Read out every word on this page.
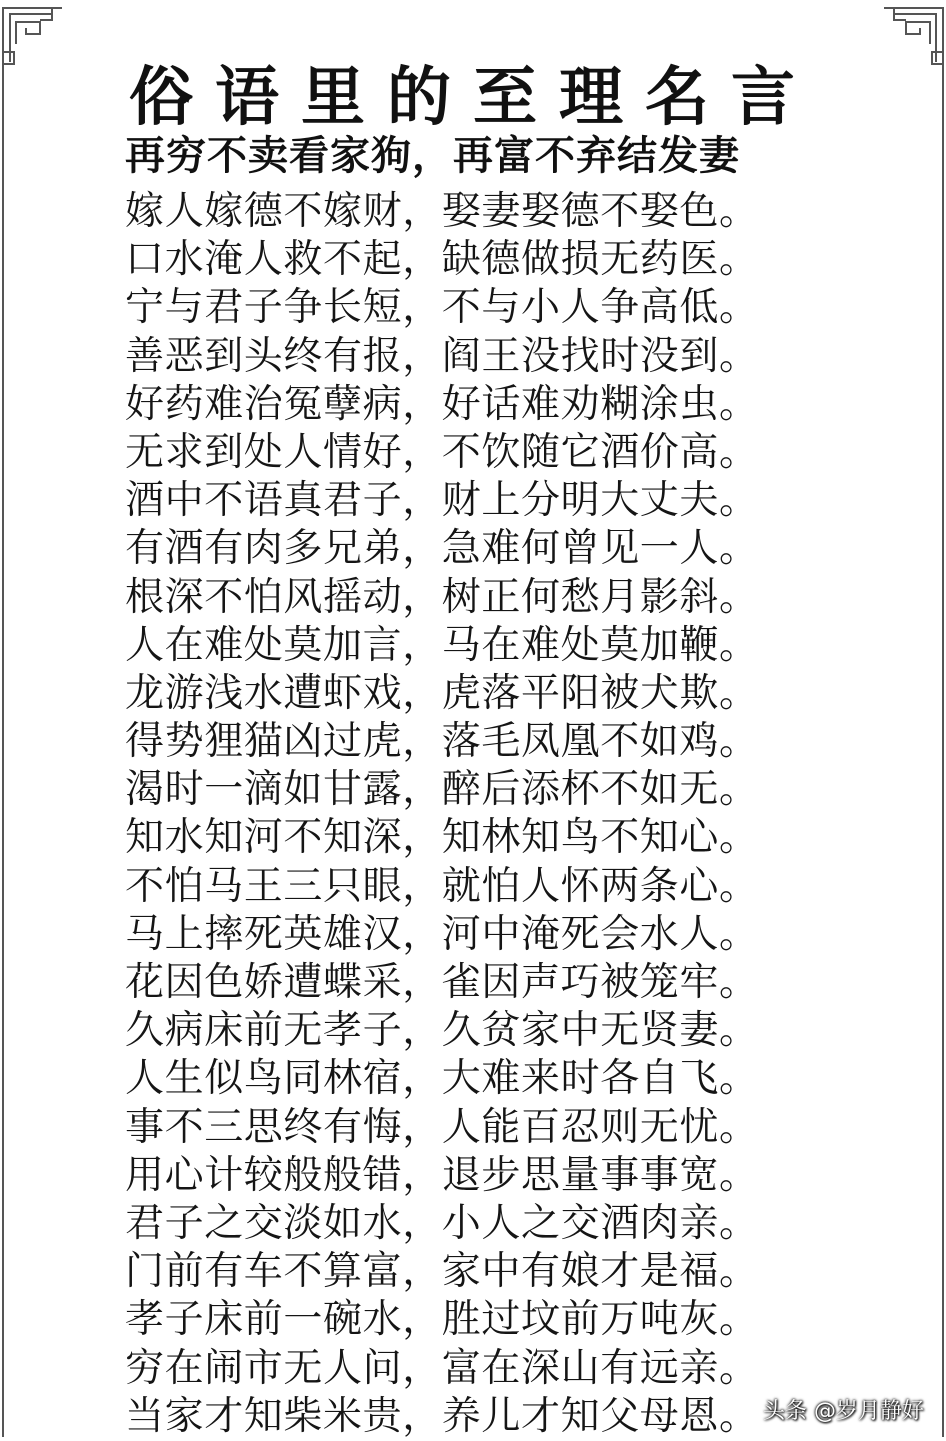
俗语里的至理名言
再穷不卖看家狗，再富不弃结发妻
嫁人嫁德不嫁财，娶妻娶德不娶色。
口水淹人救不起，缺德做损无药医。
宁与君子争长短，不与小人争高低。
善恶到头终有报，阎王没找时没到。
好药难治冤孽病，好话难劝糊涂虫。
无求到处人情好，不饮随它酒价高。
酒中不语真君子，财上分明大丈夫。
有酒有肉多兄弟，急难何曾见一人。
根深不怕风摇动，树正何愁月影斜。
人在难处莫加言，马在难处莫加鞭。
龙游浅水遭虾戏，虎落平阳被犬欺。
得势狸猫凶过虎，落毛凤凰不如鸡。
渴时一滴如甘露，醉后添杯不如无。
知水知河不知深，知林知鸟不知心。
不怕马王三只眼，就怕人怀两条心。
马上摔死英雄汉，河中淹死会水人。
花因色娇遭蝶采，雀因声巧被笼牢。
久病床前无孝子，久贫家中无贤妻。
人生似鸟同林宿，大难来时各自飞。
事不三思终有悔，人能百忍则无忧。
用心计较般般错，退步思量事事宽。
君子之交淡如水，小人之交酒肉亲。
门前有车不算富，家中有娘才是福。
孝子床前一碗水，胜过坟前万吨灰。
穷在闹市无人问，富在深山有远亲。
当家才知柴米贵，养儿才知父母恩。 头条 @岁月静好
